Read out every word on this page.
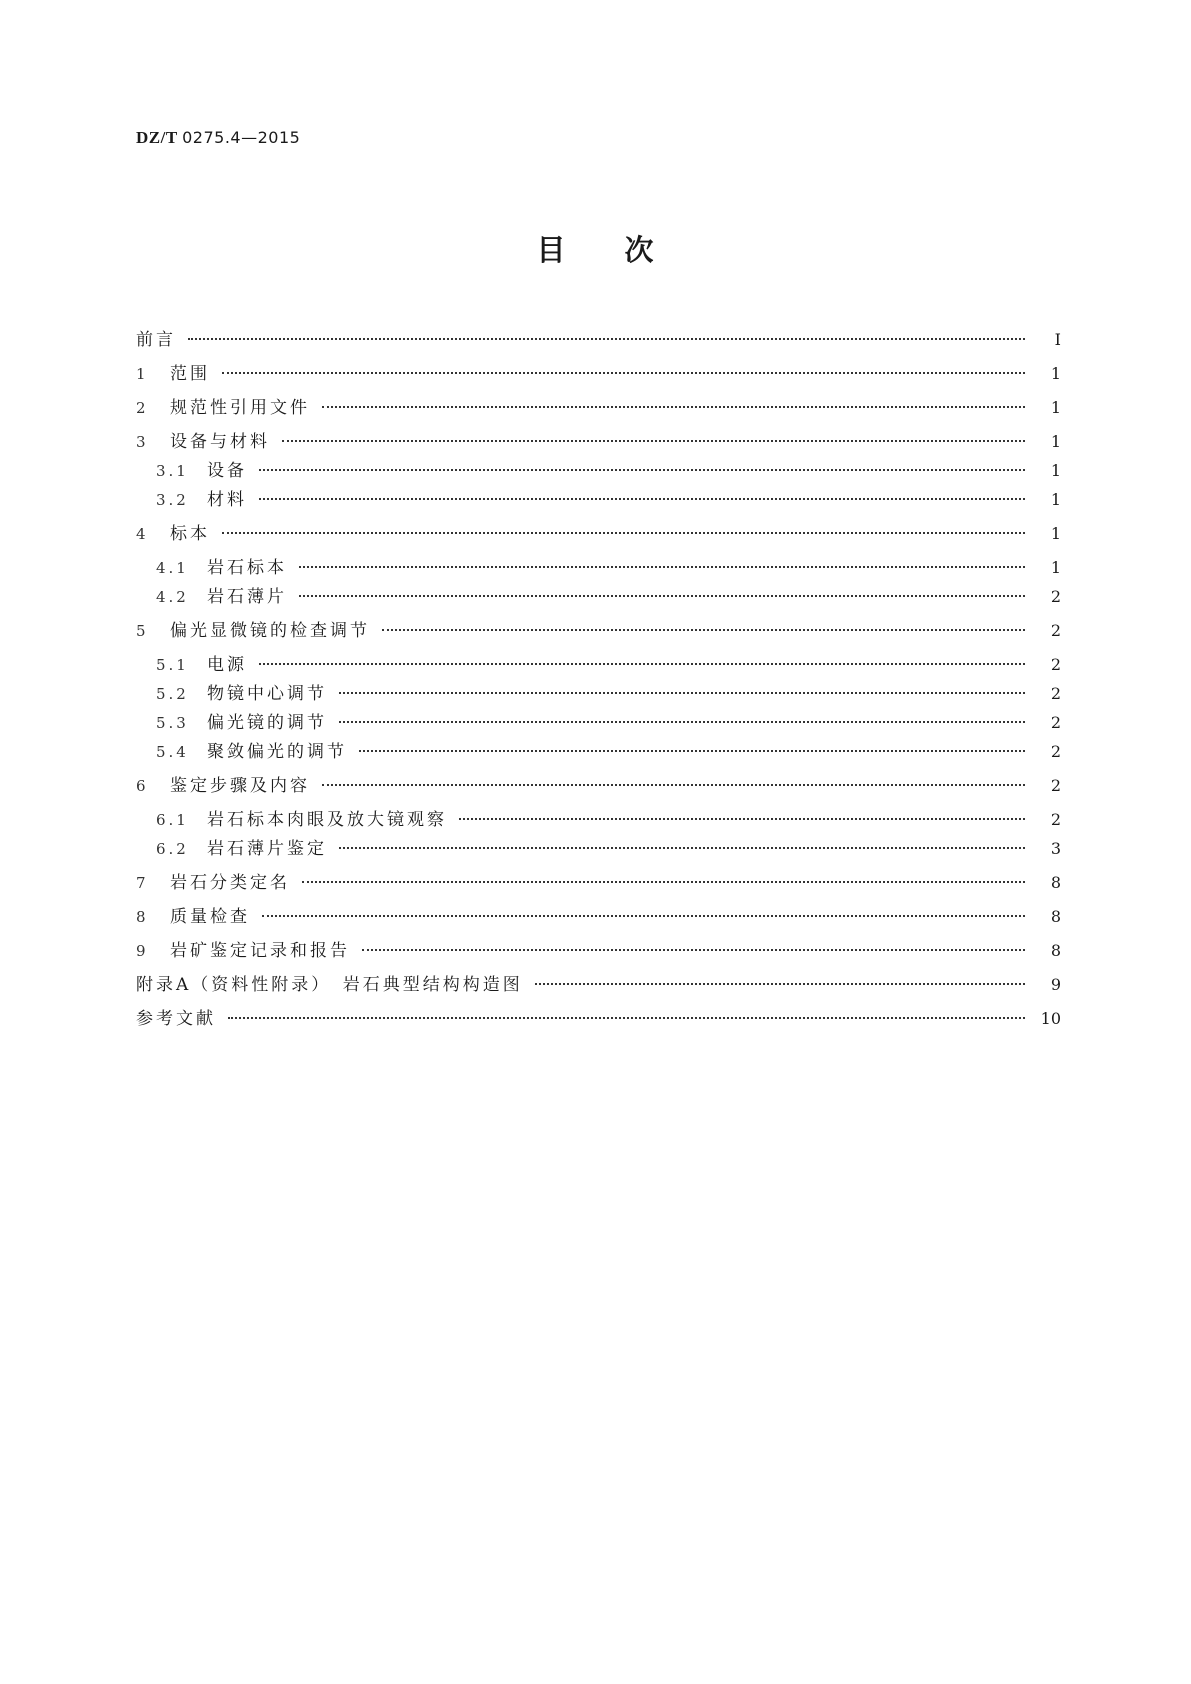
DZ/T 0275.4—2015
目 次
前言	Ⅰ
1 范围	1
2 规范性引用文件	1
3 设备与材料	1
3.1 设备	1
3.2 材料	1
4 标本	1
4.1 岩石标本	1
4.2 岩石薄片	2
5 偏光显微镜的检查调节	2
5.1 电源	2
5.2 物镜中心调节	2
5.3 偏光镜的调节	2
5.4 聚敛偏光的调节	2
6 鉴定步骤及内容	2
6.1 岩石标本肉眼及放大镜观察	2
6.2 岩石薄片鉴定	3
7 岩石分类定名	8
8 质量检查	8
9 岩矿鉴定记录和报告	8
附录A（资料性附录）　岩石典型结构构造图	9
参考文献	10
